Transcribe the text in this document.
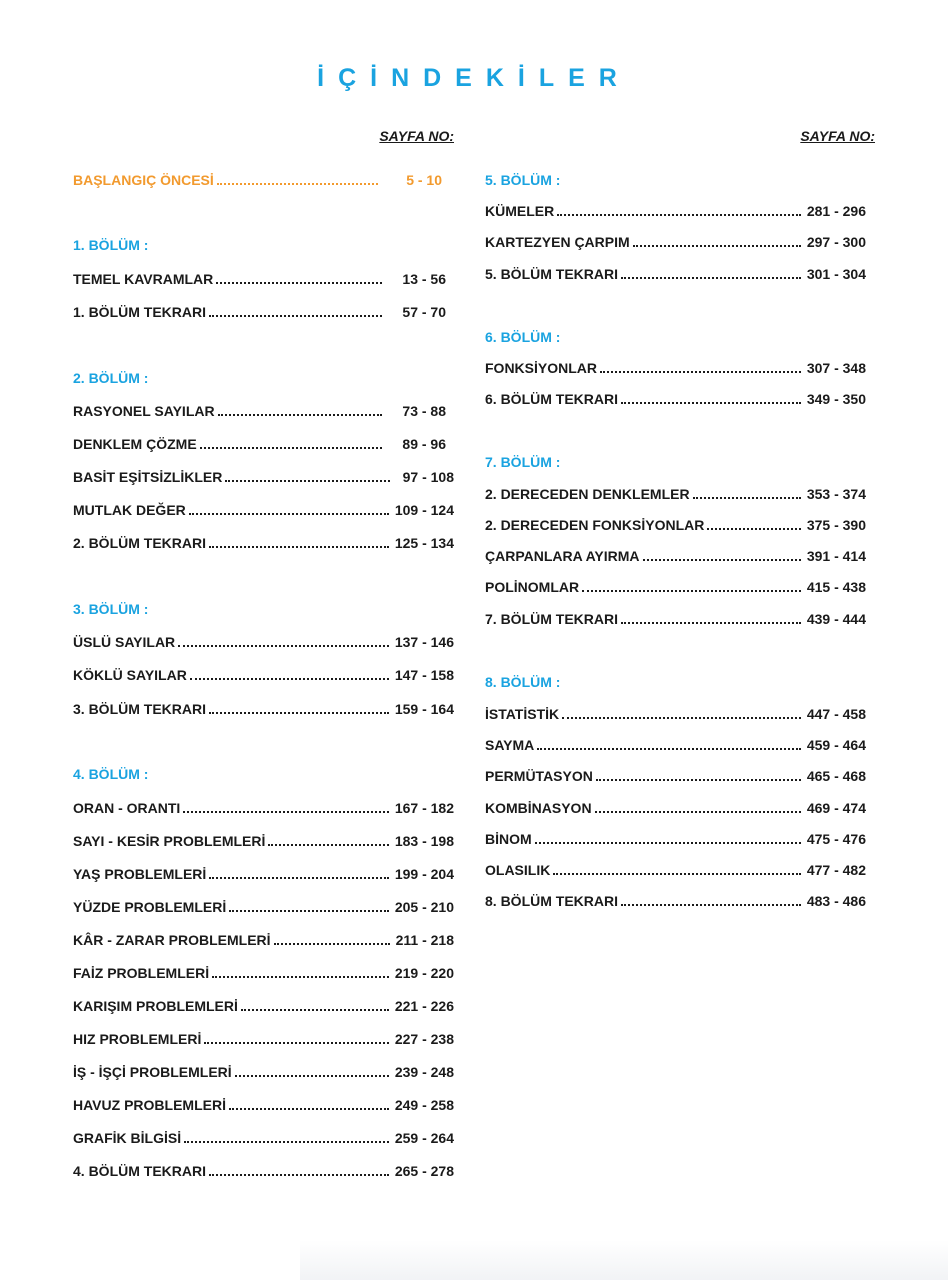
İÇİNDEKİLER
SAYFA NO:
BAŞLANGIÇ ÖNCESİ	5 - 10
1. BÖLÜM :
TEMEL KAVRAMLAR	13 - 56
1. BÖLÜM TEKRARI	57 - 70
2. BÖLÜM :
RASYONEL SAYILAR	73 - 88
DENKLEM ÇÖZME	89 - 96
BASİT EŞİTSİZLİKLER	97 - 108
MUTLAK DEĞER	109 - 124
2. BÖLÜM TEKRARI	125 - 134
3. BÖLÜM :
ÜSLÜ SAYILAR	137 - 146
KÖKLÜ SAYILAR	147 - 158
3. BÖLÜM TEKRARI	159 - 164
4. BÖLÜM :
ORAN - ORANTI	167 - 182
SAYI - KESİR PROBLEMLERİ	183 - 198
YAŞ PROBLEMLERİ	199 - 204
YÜZDE PROBLEMLERİ	205 - 210
KÂR - ZARAR PROBLEMLERİ	211 - 218
FAİZ PROBLEMLERİ	219 - 220
KARIŞIM PROBLEMLERİ	221 - 226
HIZ PROBLEMLERİ	227 - 238
İŞ - İŞÇİ PROBLEMLERİ	239 - 248
HAVUZ PROBLEMLERİ	249 - 258
GRAFİK BİLGİSİ	259 - 264
4. BÖLÜM TEKRARI	265 - 278
SAYFA NO:
5. BÖLÜM :
KÜMELER	281 - 296
KARTEZYEN ÇARPIM	297 - 300
5. BÖLÜM TEKRARI	301 - 304
6. BÖLÜM :
FONKSİYONLAR	307 - 348
6. BÖLÜM TEKRARI	349 - 350
7. BÖLÜM :
2. DERECEDEN DENKLEMLER	353 - 374
2. DERECEDEN FONKSİYONLAR	375 - 390
ÇARPANLARA AYIRMA	391 - 414
POLİNOMLAR	415 - 438
7. BÖLÜM TEKRARI	439 - 444
8. BÖLÜM :
İSTATİSTİK	447 - 458
SAYMA	459 - 464
PERMÜTASYON	465 - 468
KOMBİNASYON	469 - 474
BİNOM	475 - 476
OLASILIK	477 - 482
8. BÖLÜM TEKRARI	483 - 486
